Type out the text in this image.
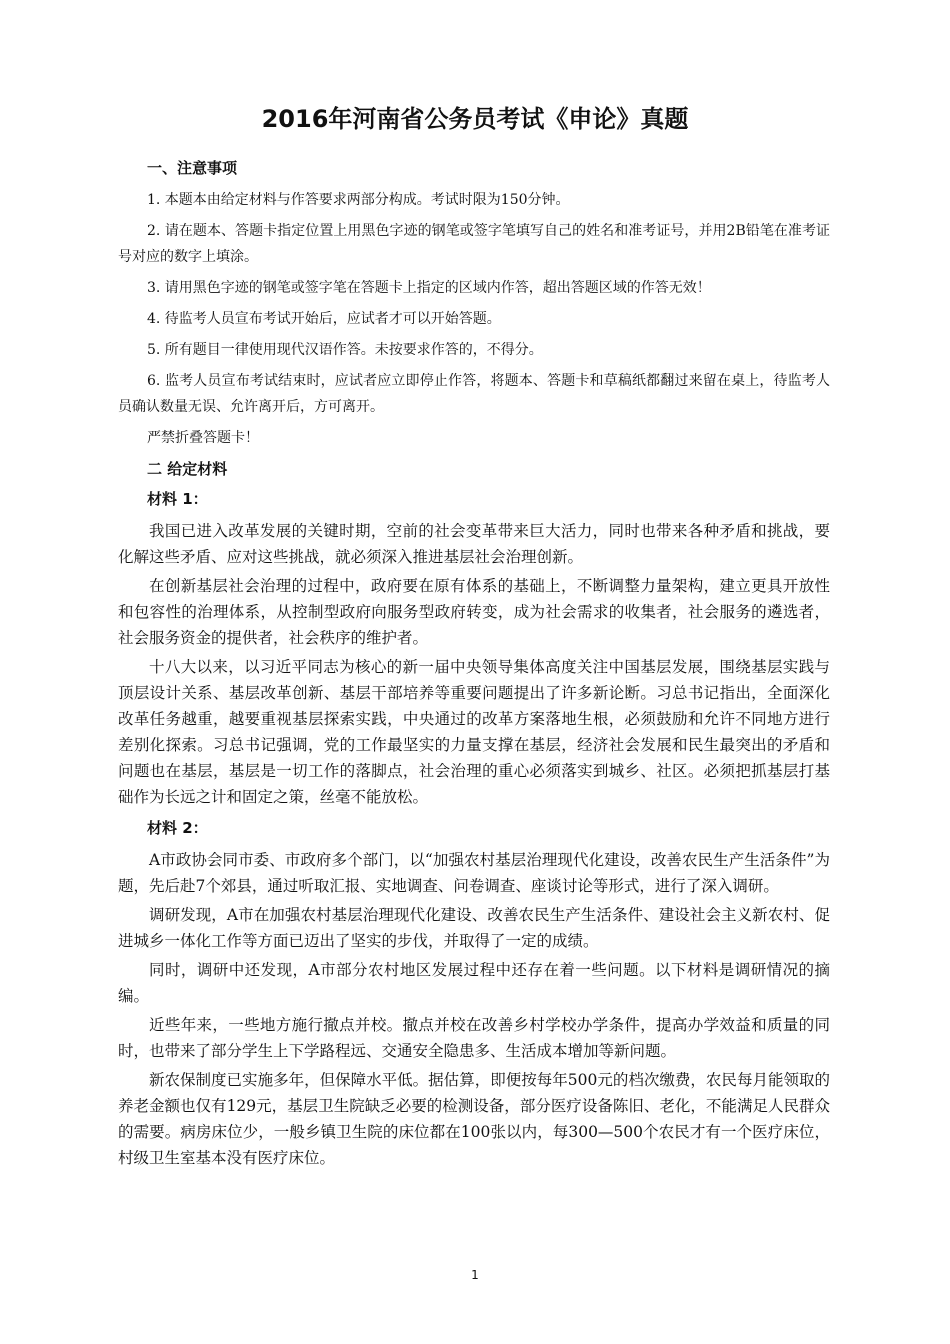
2016年河南省公务员考试《申论》真题

一、注意事项

1. 本题本由给定材料与作答要求两部分构成。考试时限为150分钟。

2. 请在题本、答题卡指定位置上用黑色字迹的钢笔或签字笔填写自己的姓名和准考证号，并用2B铅笔在准考证号对应的数字上填涂。

3. 请用黑色字迹的钢笔或签字笔在答题卡上指定的区域内作答，超出答题区域的作答无效！

4. 待监考人员宣布考试开始后，应试者才可以开始答题。

5. 所有题目一律使用现代汉语作答。未按要求作答的，不得分。

6. 监考人员宣布考试结束时，应试者应立即停止作答，将题本、答题卡和草稿纸都翻过来留在桌上，待监考人员确认数量无误、允许离开后，方可离开。

严禁折叠答题卡！

二 给定材料

材料 1：

我国已进入改革发展的关键时期，空前的社会变革带来巨大活力，同时也带来各种矛盾和挑战，要化解这些矛盾、应对这些挑战，就必须深入推进基层社会治理创新。

在创新基层社会治理的过程中，政府要在原有体系的基础上，不断调整力量架构，建立更具开放性和包容性的治理体系，从控制型政府向服务型政府转变，成为社会需求的收集者，社会服务的遴选者，社会服务资金的提供者，社会秩序的维护者。

十八大以来，以习近平同志为核心的新一届中央领导集体高度关注中国基层发展，围绕基层实践与顶层设计关系、基层改革创新、基层干部培养等重要问题提出了许多新论断。习总书记指出，全面深化改革任务越重，越要重视基层探索实践，中央通过的改革方案落地生根，必须鼓励和允许不同地方进行差别化探索。习总书记强调，党的工作最坚实的力量支撑在基层，经济社会发展和民生最突出的矛盾和问题也在基层，基层是一切工作的落脚点，社会治理的重心必须落实到城乡、社区。必须把抓基层打基础作为长远之计和固定之策，丝毫不能放松。

材料 2：

A市政协会同市委、市政府多个部门，以“加强农村基层治理现代化建设，改善农民生产生活条件”为题，先后赴7个郊县，通过听取汇报、实地调查、问卷调查、座谈讨论等形式，进行了深入调研。

调研发现，A市在加强农村基层治理现代化建设、改善农民生产生活条件、建设社会主义新农村、促进城乡一体化工作等方面已迈出了坚实的步伐，并取得了一定的成绩。

同时，调研中还发现，A市部分农村地区发展过程中还存在着一些问题。以下材料是调研情况的摘编。

近些年来，一些地方施行撤点并校。撤点并校在改善乡村学校办学条件，提高办学效益和质量的同时，也带来了部分学生上下学路程远、交通安全隐患多、生活成本增加等新问题。

新农保制度已实施多年，但保障水平低。据估算，即便按每年500元的档次缴费，农民每月能领取的养老金额也仅有129元，基层卫生院缺乏必要的检测设备，部分医疗设备陈旧、老化，不能满足人民群众的需要。病房床位少，一般乡镇卫生院的床位都在100张以内，每300—500个农民才有一个医疗床位，村级卫生室基本没有医疗床位。

1
